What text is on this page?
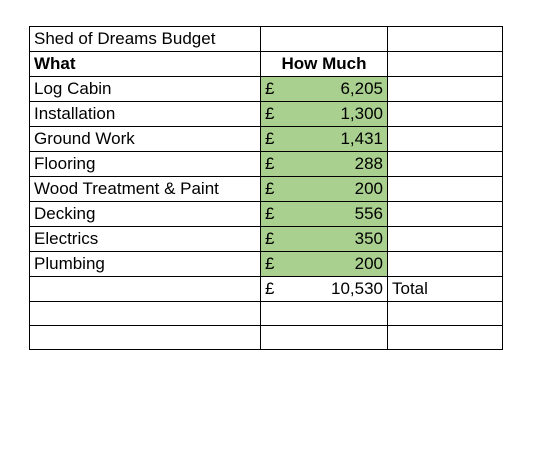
Shed of Dreams Budget		
What	How Much	
Log Cabin	£ 6,205	

Installation	£ 1,300	

Ground Work	£ 1,431	

Flooring	£ 288	

Wood Treatment & Paint	£ 200	

Decking	£ 556	

Electrics	£ 350	

Plumbing	£ 200	

	£ 10,530	Total
